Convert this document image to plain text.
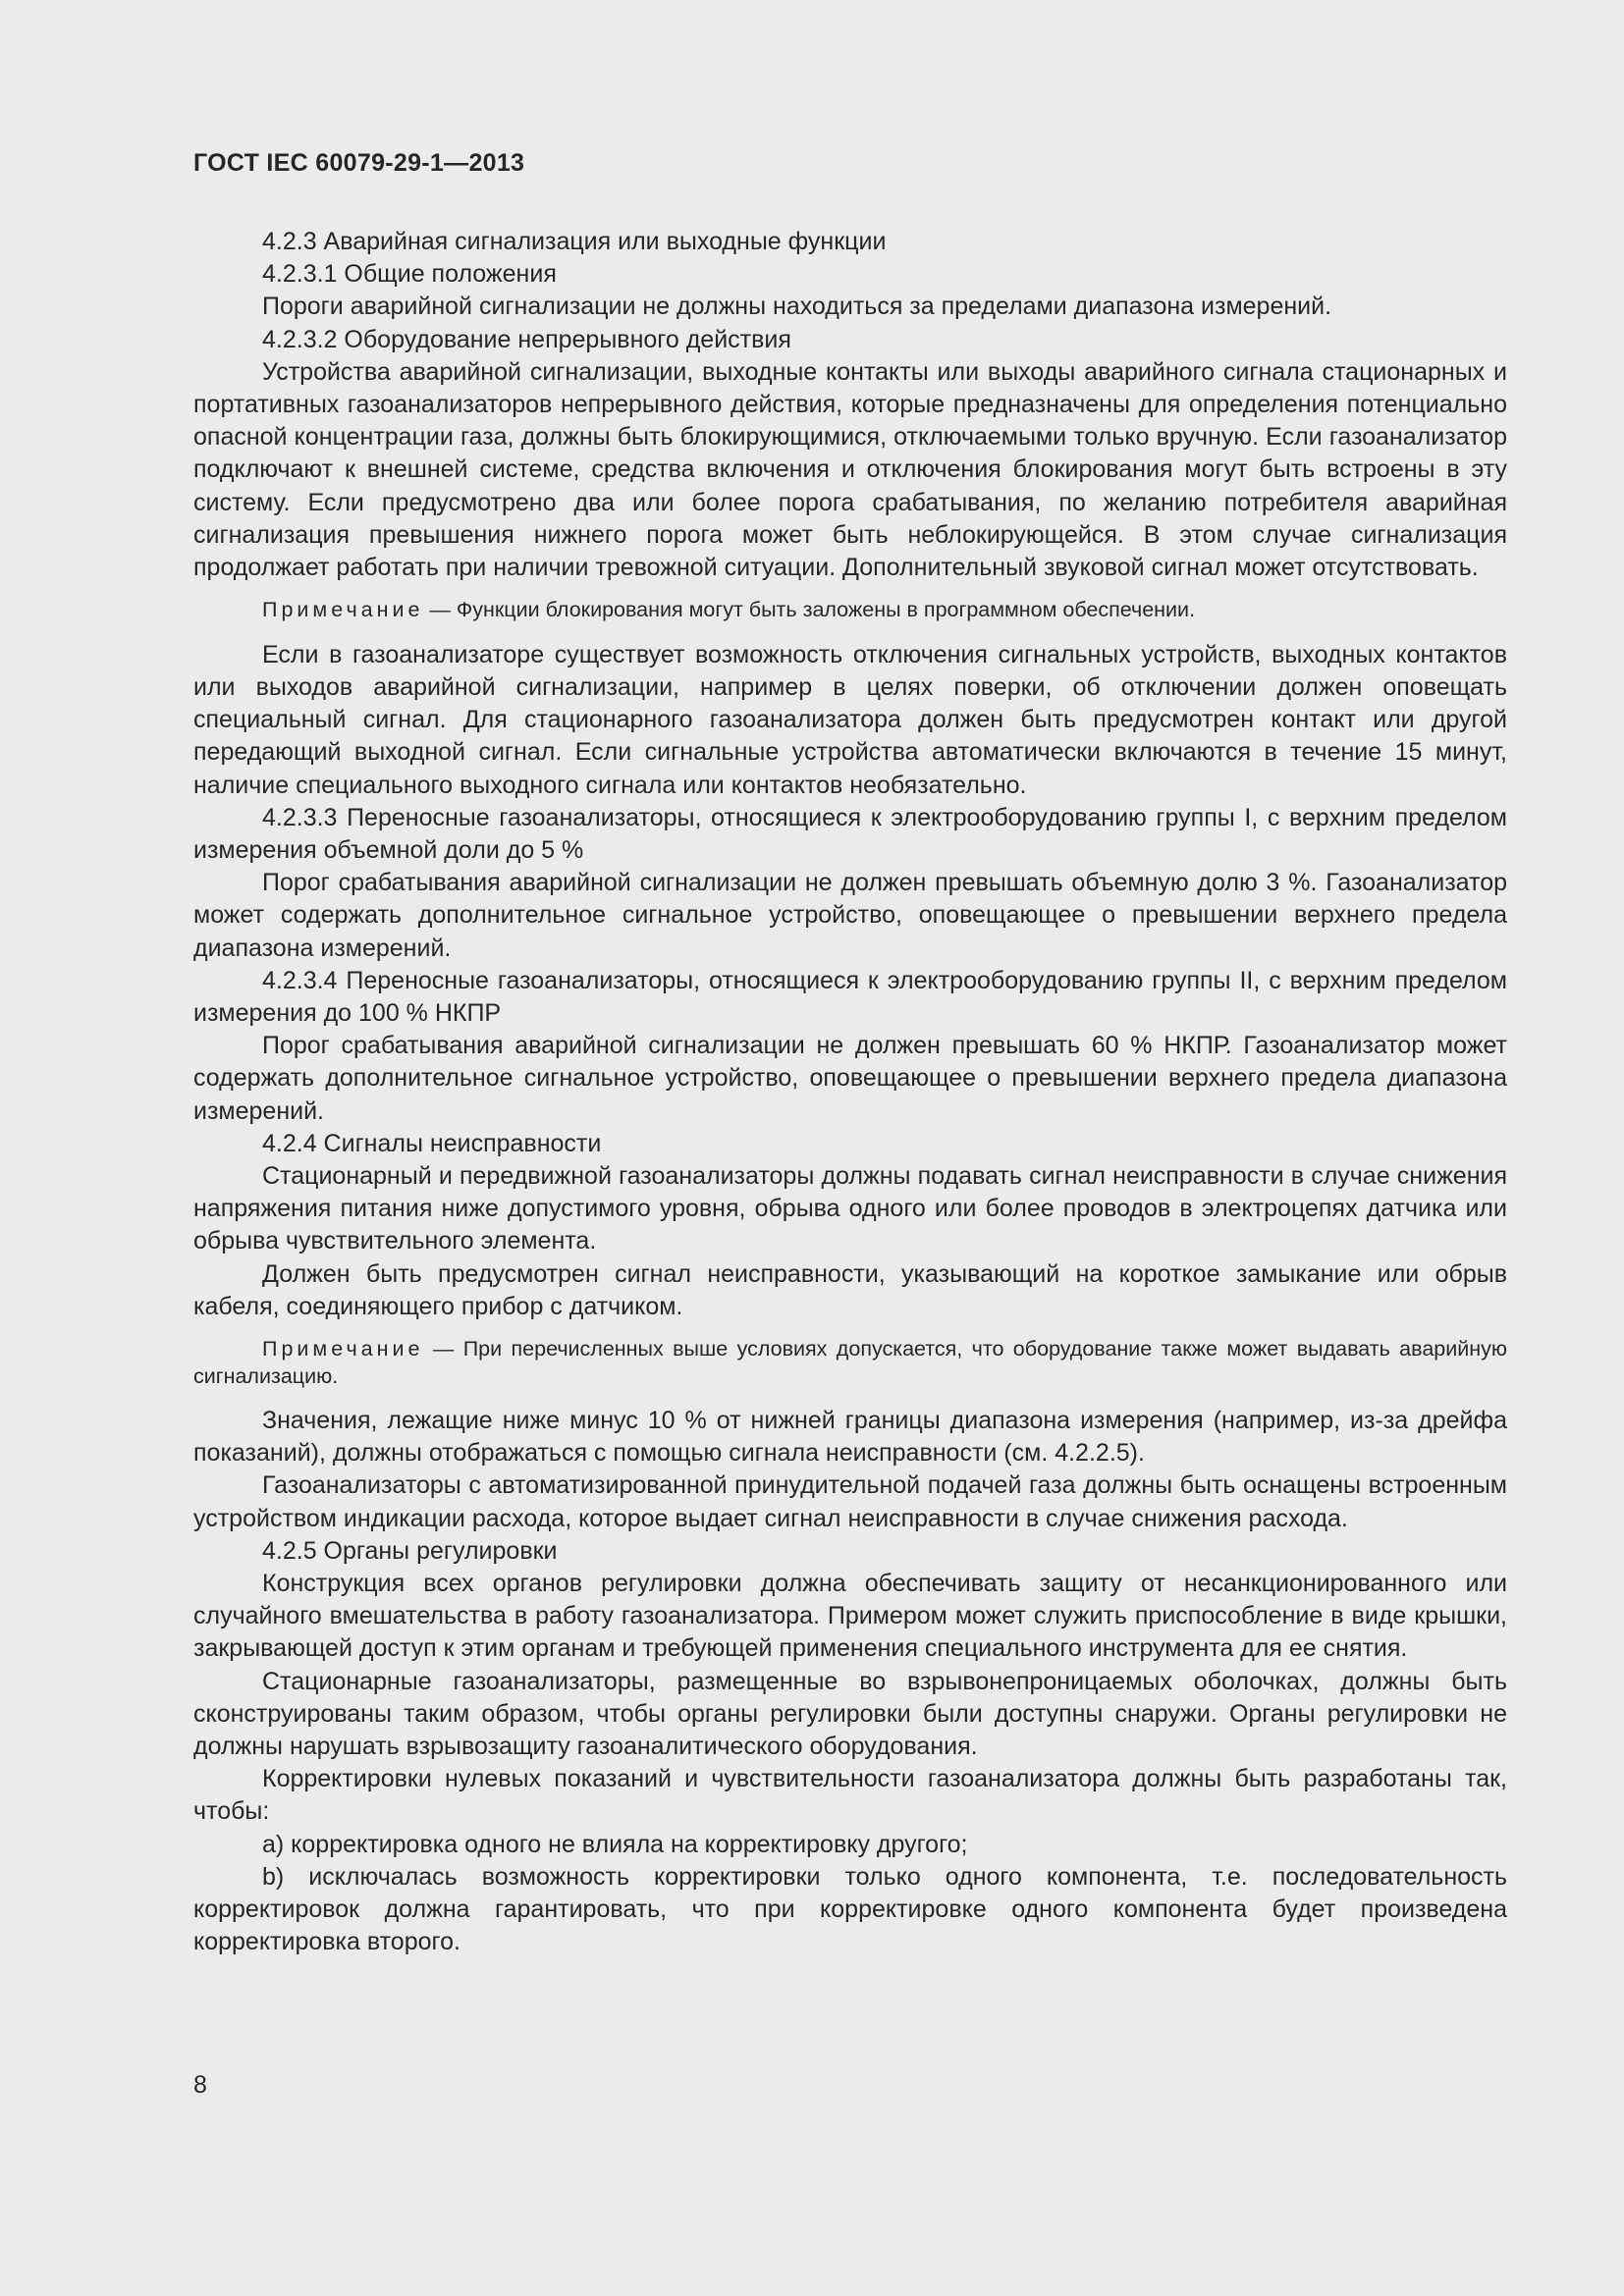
ГОСТ IEC 60079-29-1—2013

4.2.3 Аварийная сигнализация или выходные функции

4.2.3.1 Общие положения

Пороги аварийной сигнализации не должны находиться за пределами диапазона измерений.

4.2.3.2 Оборудование непрерывного действия

Устройства аварийной сигнализации, выходные контакты или выходы аварийного сигнала стационарных и портативных газоанализаторов непрерывного действия, которые предназначены для определения потенциально опасной концентрации газа, должны быть блокирующимися, отключаемыми только вручную. Если газоанализатор подключают к внешней системе, средства включения и отключения блокирования могут быть встроены в эту систему. Если предусмотрено два или более порога срабатывания, по желанию потребителя аварийная сигнализация превышения нижнего порога может быть неблокирующейся. В этом случае сигнализация продолжает работать при наличии тревожной ситуации. Дополнительный звуковой сигнал может отсутствовать.

Примечание — Функции блокирования могут быть заложены в программном обеспечении.

Если в газоанализаторе существует возможность отключения сигнальных устройств, выходных контактов или выходов аварийной сигнализации, например в целях поверки, об отключении должен оповещать специальный сигнал. Для стационарного газоанализатора должен быть предусмотрен контакт или другой передающий выходной сигнал. Если сигнальные устройства автоматически включаются в течение 15 минут, наличие специального выходного сигнала или контактов необязательно.

4.2.3.3 Переносные газоанализаторы, относящиеся к электрооборудованию группы I, с верхним пределом измерения объемной доли до 5 %

Порог срабатывания аварийной сигнализации не должен превышать объемную долю 3 %. Газоанализатор может содержать дополнительное сигнальное устройство, оповещающее о превышении верхнего предела диапазона измерений.

4.2.3.4 Переносные газоанализаторы, относящиеся к электрооборудованию группы II, с верхним пределом измерения до 100 % НКПР

Порог срабатывания аварийной сигнализации не должен превышать 60 % НКПР. Газоанализатор может содержать дополнительное сигнальное устройство, оповещающее о превышении верхнего предела диапазона измерений.

4.2.4 Сигналы неисправности

Стационарный и передвижной газоанализаторы должны подавать сигнал неисправности в случае снижения напряжения питания ниже допустимого уровня, обрыва одного или более проводов в электроцепях датчика или обрыва чувствительного элемента.

Должен быть предусмотрен сигнал неисправности, указывающий на короткое замыкание или обрыв кабеля, соединяющего прибор с датчиком.

Примечание — При перечисленных выше условиях допускается, что оборудование также может выдавать аварийную сигнализацию.

Значения, лежащие ниже минус 10 % от нижней границы диапазона измерения (например, из-за дрейфа показаний), должны отображаться с помощью сигнала неисправности (см. 4.2.2.5).

Газоанализаторы с автоматизированной принудительной подачей газа должны быть оснащены встроенным устройством индикации расхода, которое выдает сигнал неисправности в случае снижения расхода.

4.2.5 Органы регулировки

Конструкция всех органов регулировки должна обеспечивать защиту от несанкционированного или случайного вмешательства в работу газоанализатора. Примером может служить приспособление в виде крышки, закрывающей доступ к этим органам и требующей применения специального инструмента для ее снятия.

Стационарные газоанализаторы, размещенные во взрывонепроницаемых оболочках, должны быть сконструированы таким образом, чтобы органы регулировки были доступны снаружи. Органы регулировки не должны нарушать взрывозащиту газоаналитического оборудования.

Корректировки нулевых показаний и чувствительности газоанализатора должны быть разработаны так, чтобы:

a) корректировка одного не влияла на корректировку другого;

b) исключалась возможность корректировки только одного компонента, т.е. последовательность корректировок должна гарантировать, что при корректировке одного компонента будет произведена корректировка второго.

8
